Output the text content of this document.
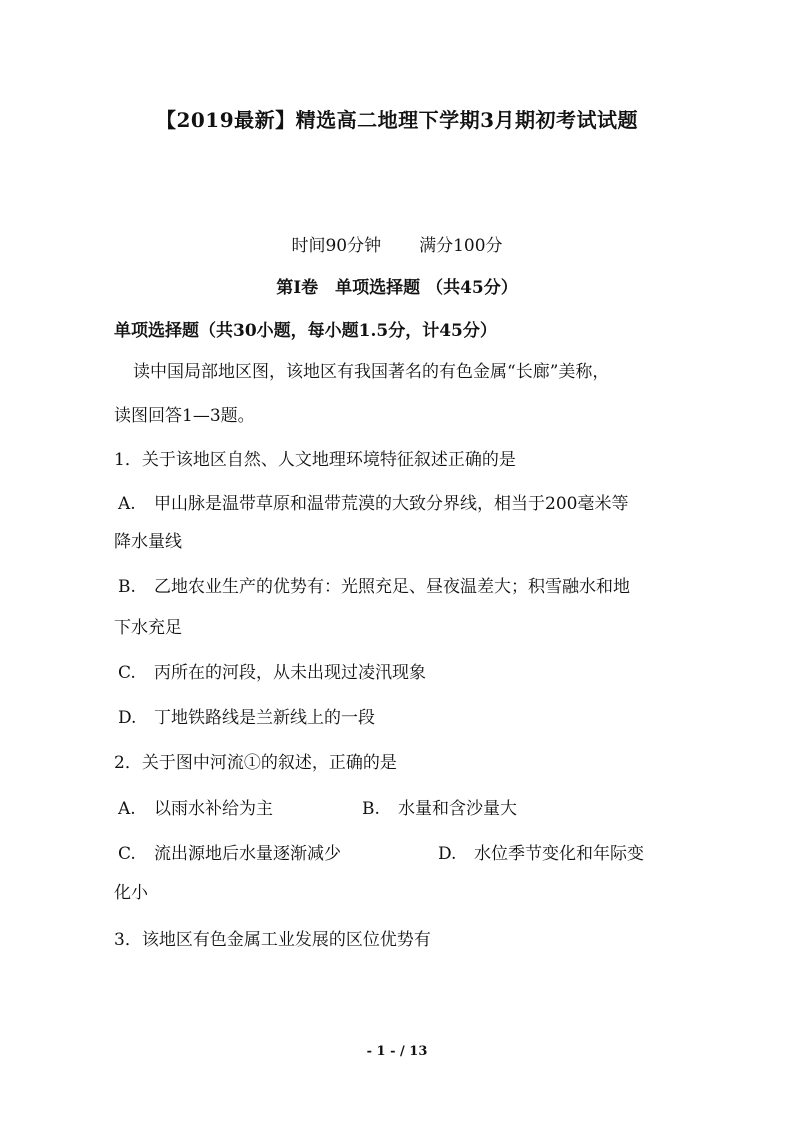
【2019最新】精选高二地理下学期3月期初考试试题
时间90分钟 满分100分
第Ⅰ卷　单项选择题 （共45分）
单项选择题（共30小题，每小题1.5分，计45分）
读中国局部地区图，该地区有我国著名的有色金属“长廊”美称，
读图回答1—3题。
1．关于该地区自然、人文地理环境特征叙述正确的是
A. 甲山脉是温带草原和温带荒漠的大致分界线，相当于200毫米等
降水量线
B. 乙地农业生产的优势有：光照充足、昼夜温差大；积雪融水和地
下水充足
C. 丙所在的河段，从未出现过凌汛现象
D. 丁地铁路线是兰新线上的一段
2．关于图中河流①的叙述，正确的是
A. 以雨水补给为主	B. 水量和含沙量大
C. 流出源地后水量逐渐减少	D. 水位季节变化和年际变
化小
3．该地区有色金属工业发展的区位优势有
- 1 - / 13
